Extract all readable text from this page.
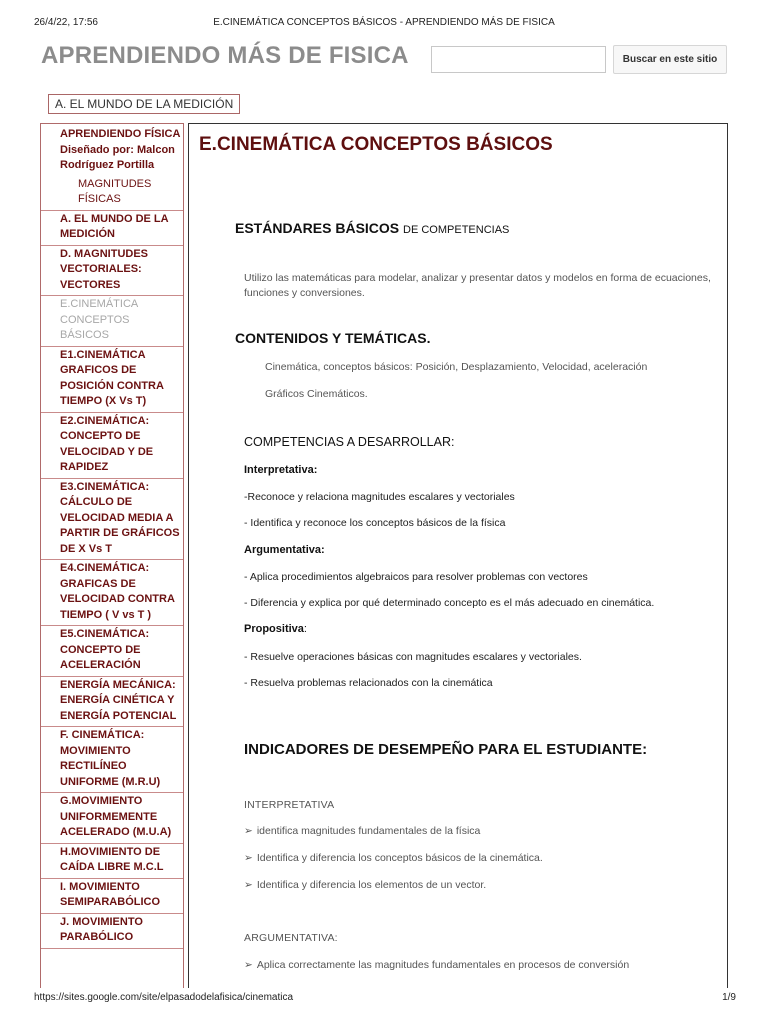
26/4/22, 17:56	E.CINEMÁTICA CONCEPTOS BÁSICOS - APRENDIENDO MÁS DE FISICA
APRENDIENDO MÁS DE FISICA	Buscar en este sitio
A. EL MUNDO DE LA MEDICIÓN
APRENDIENDO FÍSICA Diseñado por: Malcon Rodríguez Portilla
MAGNITUDES FÍSICAS
A. EL MUNDO DE LA MEDICIÓN
D. MAGNITUDES VECTORIALES: VECTORES
E.CINEMÁTICA CONCEPTOS BÁSICOS
E1.CINEMÁTICA GRAFICOS DE POSICIÓN CONTRA TIEMPO (X Vs T)
E2.CINEMÁTICA: CONCEPTO DE VELOCIDAD Y DE RAPIDEZ
E3.CINEMÁTICA: CÁLCULO DE VELOCIDAD MEDIA A PARTIR DE GRÁFICOS DE X Vs T
E4.CINEMÁTICA: GRAFICAS DE VELOCIDAD CONTRA TIEMPO ( V vs T )
E5.CINEMÁTICA: CONCEPTO DE ACELERACIÓN
ENERGÍA MECÁNICA: ENERGÍA CINÉTICA Y ENERGÍA POTENCIAL
F. CINEMÁTICA: MOVIMIENTO RECTILÍNEO UNIFORME (M.R.U)
G.MOVIMIENTO UNIFORMEMENTE ACELERADO (M.U.A)
H.MOVIMIENTO DE CAÍDA LIBRE M.C.L
I. MOVIMIENTO SEMIPARABÓLICO
J. MOVIMIENTO PARABÓLICO
E.CINEMÁTICA CONCEPTOS BÁSICOS
ESTÁNDARES BÁSICOS DE COMPETENCIAS
Utilizo las matemáticas para modelar, analizar y presentar datos y modelos en forma de ecuaciones, funciones y conversiones.
CONTENIDOS Y TEMÁTICAS.
Cinemática, conceptos básicos: Posición, Desplazamiento, Velocidad, aceleración
Gráficos Cinemáticos.
COMPETENCIAS A DESARROLLAR:
Interpretativa:
-Reconoce y relaciona magnitudes escalares y vectoriales
- Identifica y reconoce los conceptos básicos de la física
Argumentativa:
- Aplica procedimientos algebraicos para resolver problemas con vectores
- Diferencia y explica por qué determinado concepto es el más adecuado en cinemática.
Propositiva:
- Resuelve operaciones básicas con magnitudes escalares y vectoriales.
- Resuelva problemas relacionados con la cinemática
INDICADORES DE DESEMPEÑO PARA EL ESTUDIANTE:
INTERPRETATIVA
➢ identifica magnitudes fundamentales de la física
➢ Identifica y diferencia los conceptos básicos de la cinemática.
➢ Identifica y diferencia los elementos de un vector.
ARGUMENTATIVA:
➢ Aplica correctamente las magnitudes fundamentales en procesos de conversión
https://sites.google.com/site/elpasadodelafisica/cinematica	1/9
